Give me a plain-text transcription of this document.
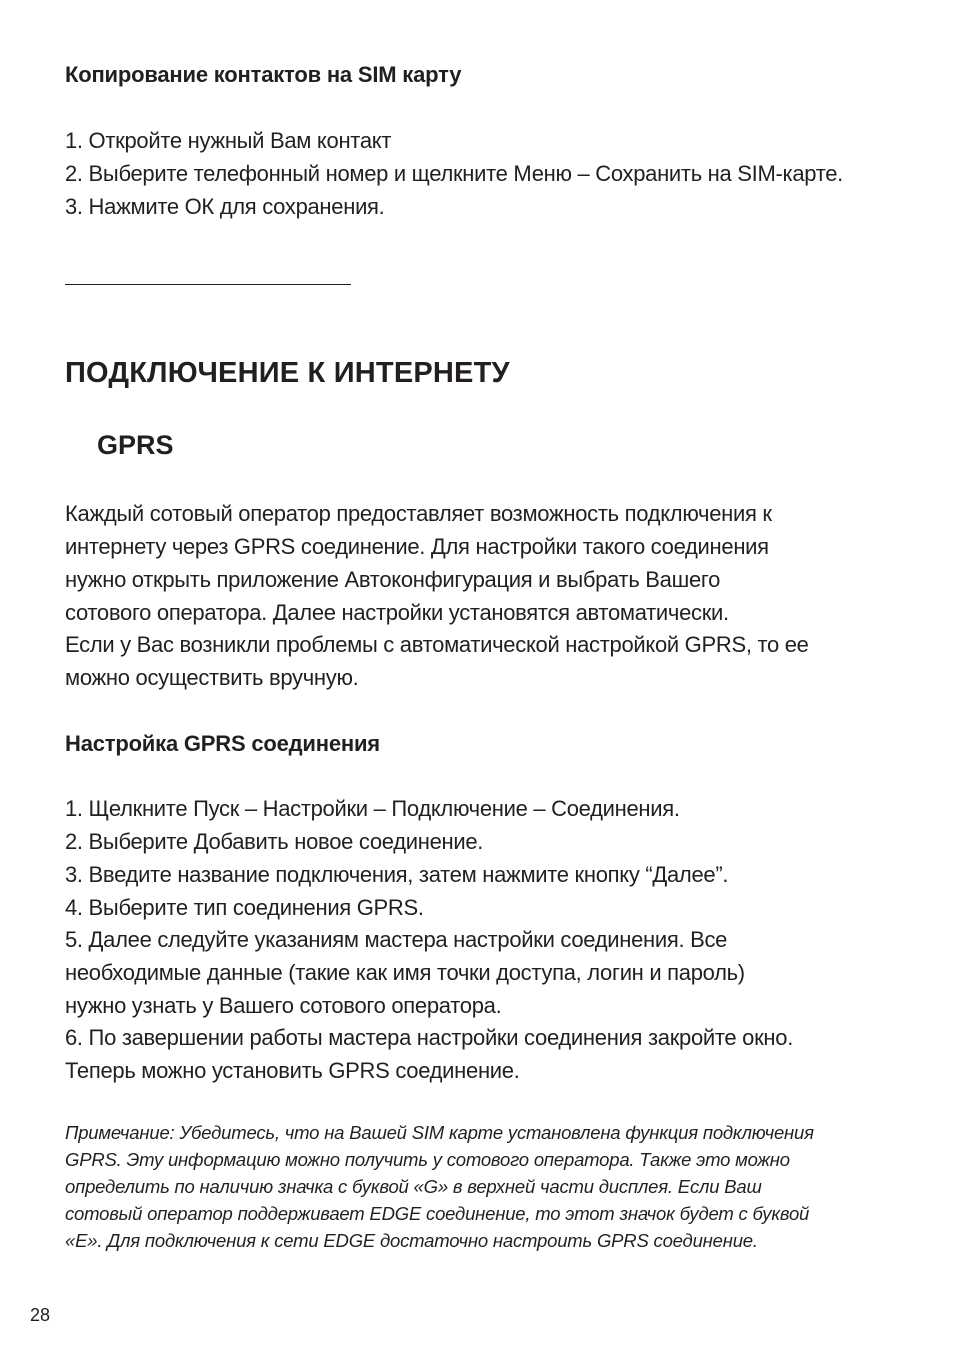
Копирование контактов на SIM карту
1. Откройте нужный Вам контакт
2. Выберите телефонный номер и щелкните Меню – Сохранить на SIM-карте.
3. Нажмите ОК для сохранения.
ПОДКЛЮЧЕНИЕ К ИНТЕРНЕТУ
GPRS
Каждый сотовый оператор предоставляет возможность подключения к
интернету через GPRS соединение. Для настройки такого соединения
нужно открыть приложение Автоконфигурация и выбрать Вашего
сотового оператора. Далее настройки установятся автоматически.
Если у Вас возникли проблемы с автоматической настройкой GPRS, то ее
можно осуществить вручную.
Настройка GPRS соединения
1. Щелкните Пуск – Настройки – Подключение – Соединения.
2. Выберите Добавить новое соединение.
3. Введите название подключения, затем нажмите кнопку “Далее”.
4. Выберите тип соединения GPRS.
5. Далее следуйте указаниям мастера настройки соединения. Все
необходимые данные (такие как имя точки доступа, логин и пароль)
нужно узнать у Вашего сотового оператора.
6. По завершении работы мастера настройки соединения закройте окно.
Теперь можно установить GPRS соединение.
Примечание: Убедитесь, что на Вашей SIM карте установлена функция подключения
GPRS. Эту информацию можно получить у сотового оператора. Также это можно
определить по наличию значка с буквой «G» в верхней части дисплея. Если Ваш
сотовый оператор поддерживает EDGE соединение, то этот значок будет с буквой
«E». Для подключения к сети EDGE достаточно настроить GPRS соединение.
28
